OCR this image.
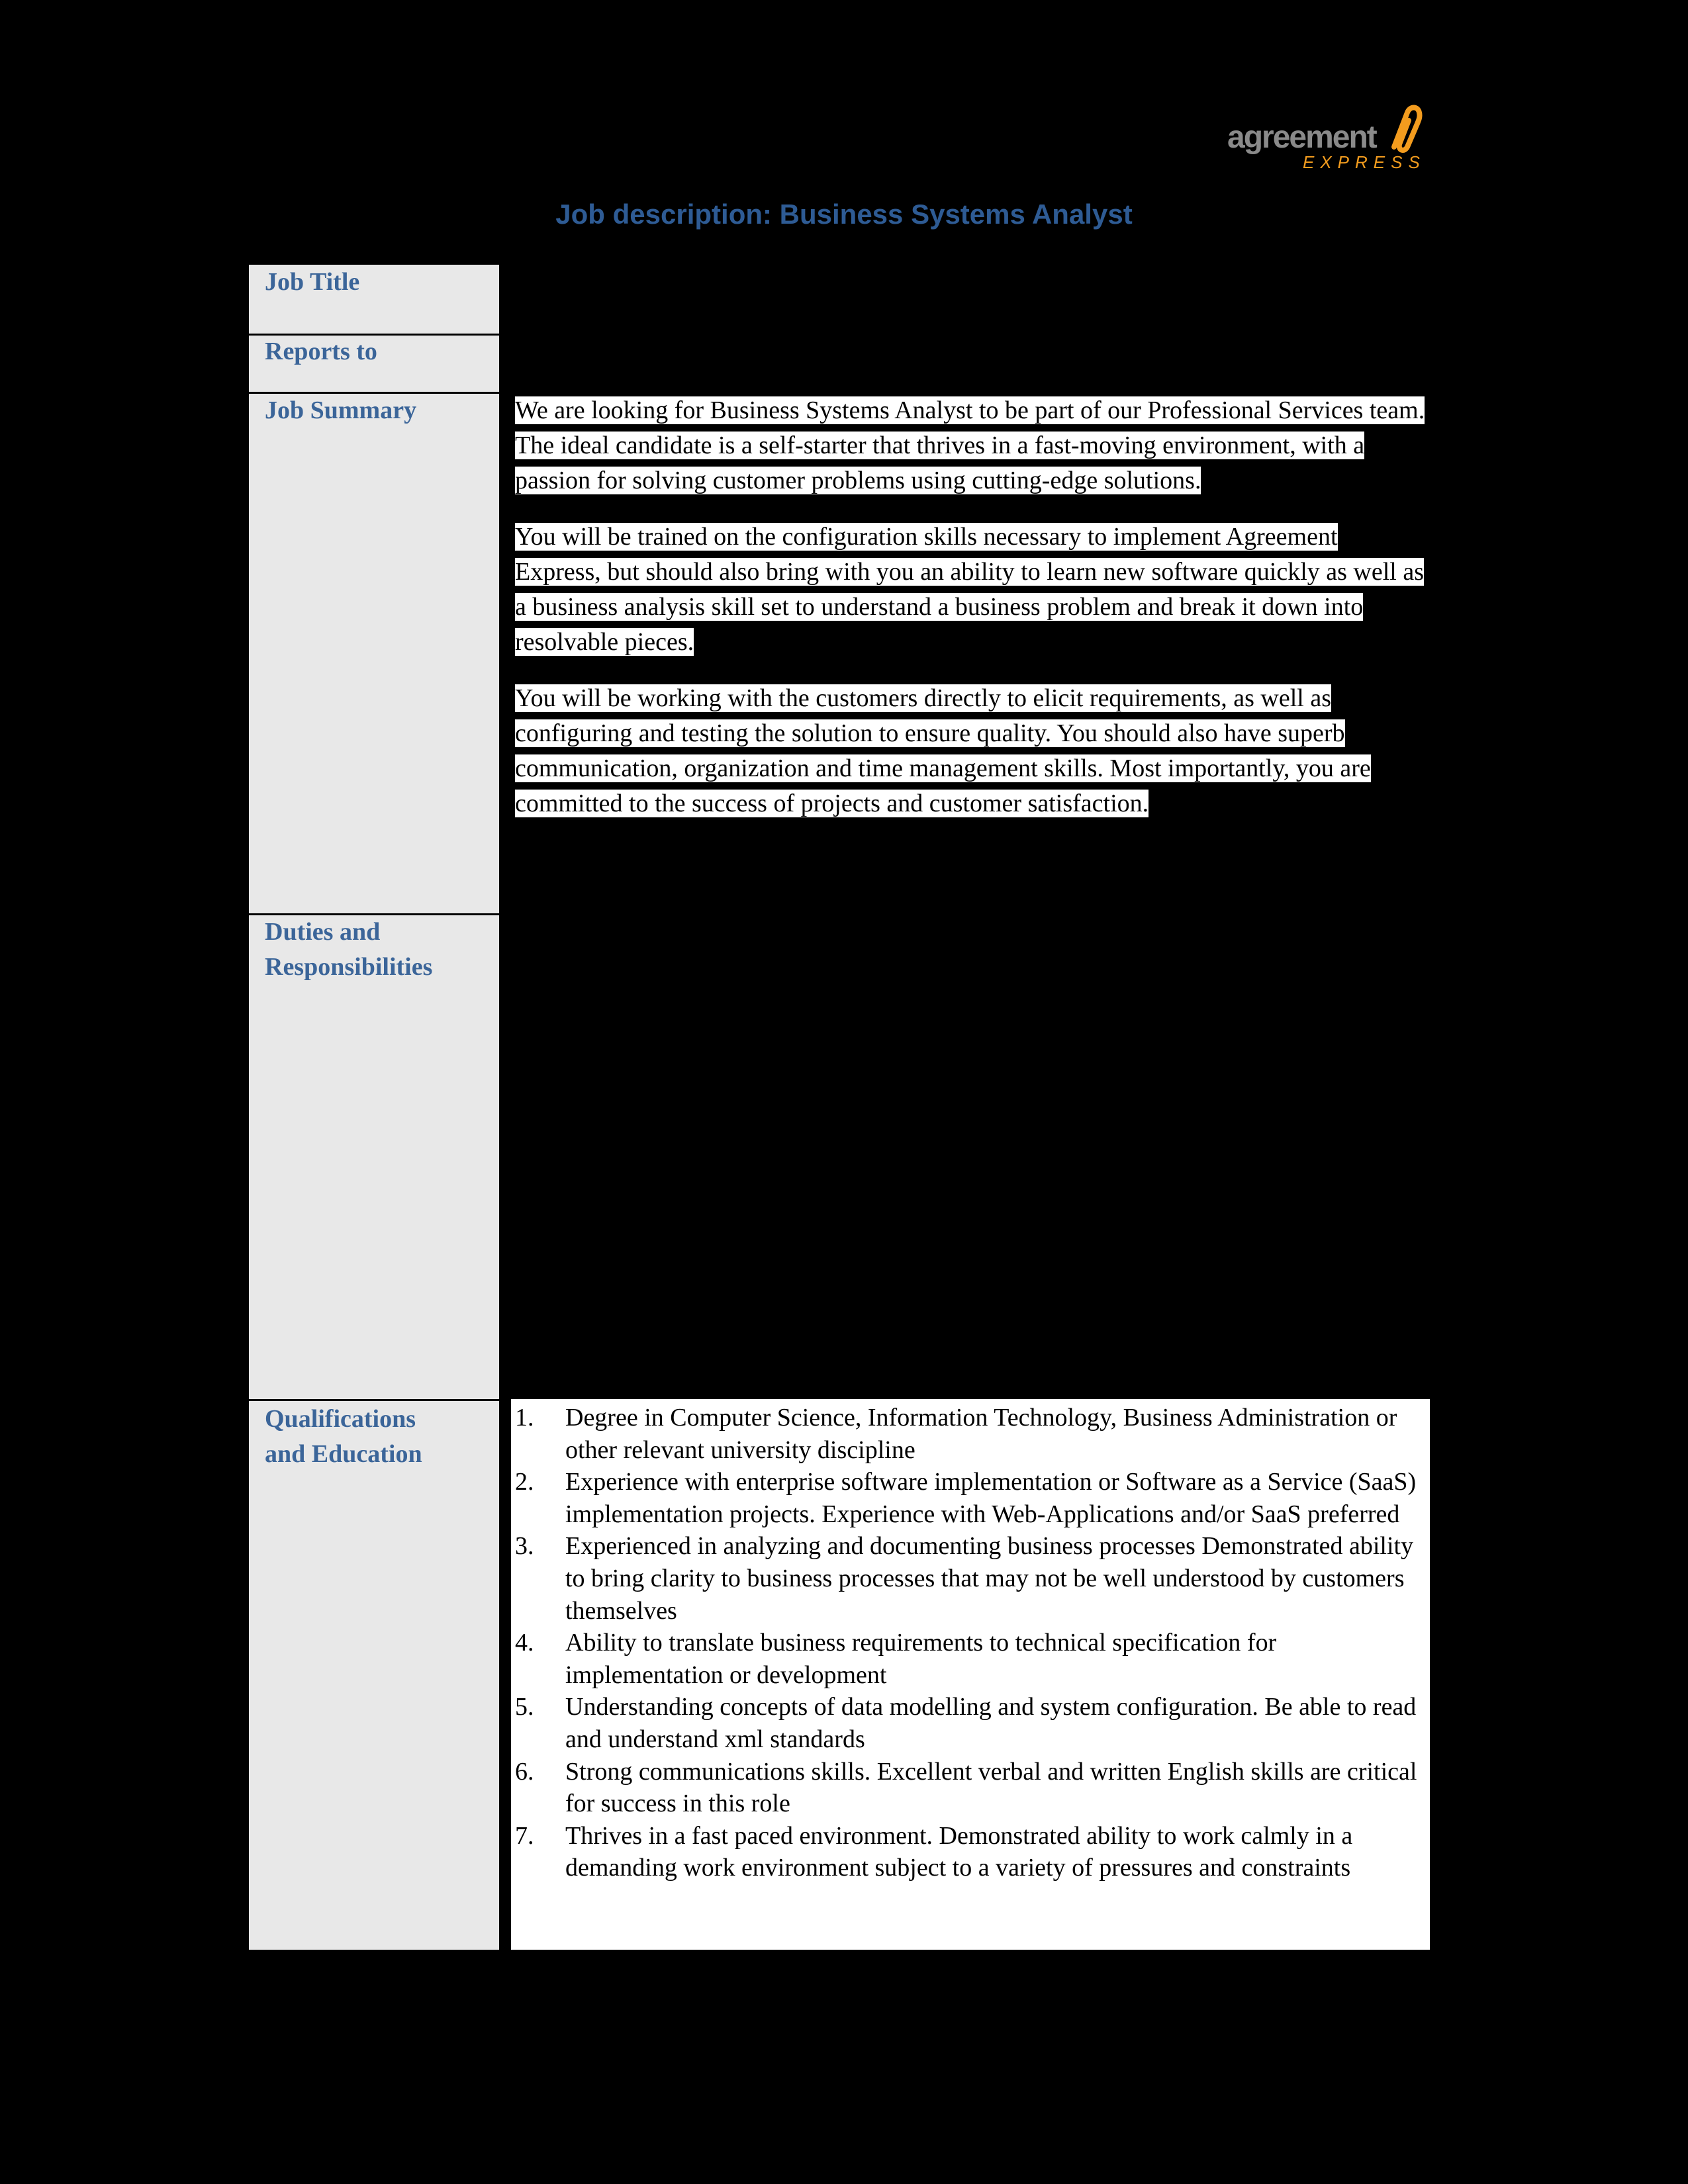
agreement
EXPRESS
Job description: Business Systems Analyst
Job Title
Reports to
Job Summary
Duties and
Responsibilities
Qualifications
and Education

We are looking for Business Systems Analyst to be part of our Professional Services team. The ideal candidate is a self-starter that thrives in a fast-moving environment, with a passion for solving customer problems using cutting-edge solutions.

You will be trained on the configuration skills necessary to implement Agreement Express, but should also bring with you an ability to learn new software quickly as well as a business analysis skill set to understand a business problem and break it down into resolvable pieces.

You will be working with the customers directly to elicit requirements, as well as configuring and testing the solution to ensure quality. You should also have superb communication, organization and time management skills. Most importantly, you are committed to the success of projects and customer satisfaction.

1. Degree in Computer Science, Information Technology, Business Administration or other relevant university discipline
2. Experience with enterprise software implementation or Software as a Service (SaaS) implementation projects. Experience with Web-Applications and/or SaaS preferred
3. Experienced in analyzing and documenting business processes Demonstrated ability to bring clarity to business processes that may not be well understood by customers themselves
4. Ability to translate business requirements to technical specification for implementation or development
5. Understanding concepts of data modelling and system configuration. Be able to read and understand xml standards
6. Strong communications skills. Excellent verbal and written English skills are critical for success in this role
7. Thrives in a fast paced environment. Demonstrated ability to work calmly in a demanding work environment subject to a variety of pressures and constraints
